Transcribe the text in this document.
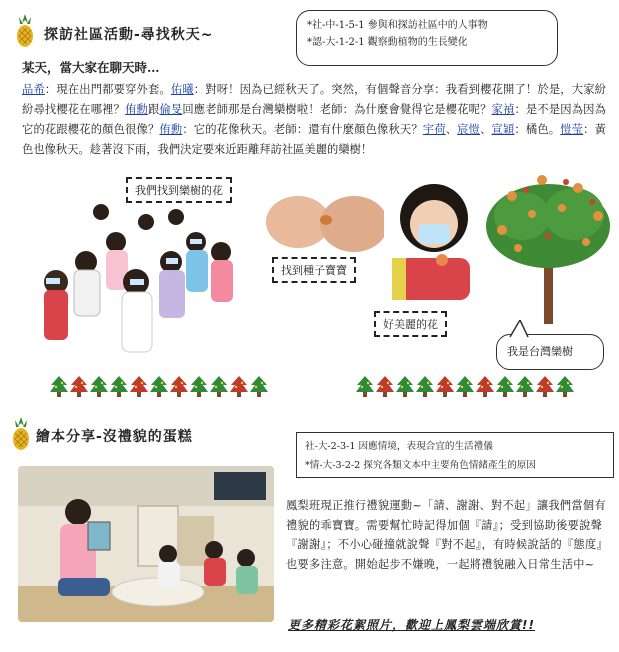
探訪社區活動-尋找秋天~
*社-中-1-5-1 參與和探訪社區中的人事物
*認-大-1-2-1 觀察動植物的生長變化
某天，當大家在聊天時…
品希：現在出門都要穿外套。佑曦：對呀！因為已經秋天了。突然，有個聲音分享：我看到櫻花開了！於是，大家紛紛尋找櫻花在哪裡？侑勳跟倫旻回應老師那是台灣欒樹啦！老師：為什麼會覺得它是櫻花呢？家禎：是不是因為因為它的花跟櫻花的顏色很像？侑勳：它的花像秋天。老師：還有什麼顏色像秋天？宇荷、宸愷、宣穎：橘色。愷莹：黃色也像秋天。趁著沒下雨，我們決定要來近距離拜訪社區美麗的欒樹！
我們找到欒樹的花
找到種子寶寶
好美麗的花
我是台灣欒樹
繪本分享-沒禮貌的蛋糕
社-大-2-3-1 因應情境，表現合宜的生活禮儀
*情-大-3-2-2 探究各類文本中主要角色情緒產生的原因
鳳梨班現正推行禮貌運動~「請、謝謝、對不起」讓我們當個有禮貌的乖寶寶。需要幫忙時記得加個『請』；受到協助後要說聲『謝謝』；不小心碰撞就說聲『對不起』，有時候說話的『態度』也要多注意。開始起步不嫌晚，一起將禮貌融入日常生活中~
更多精彩花絮照片，歡迎上鳳梨雲端欣賞!!
